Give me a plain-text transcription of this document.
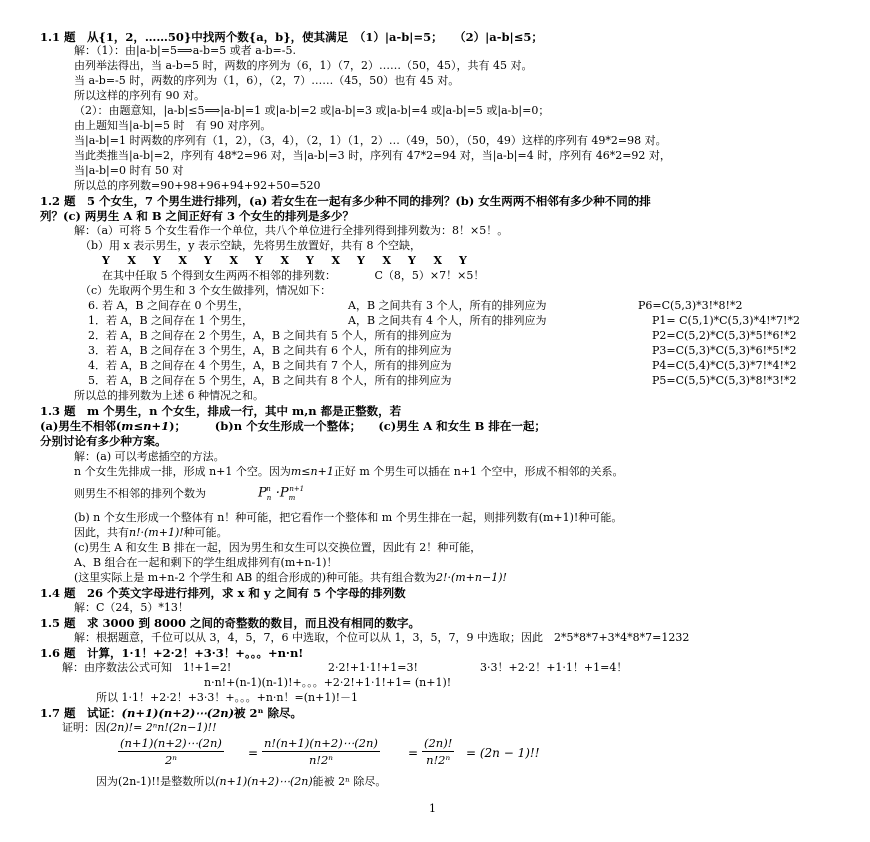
1.1 题　从{1，2，……50}中找两个数{a，b}，使其满足　（1）|a-b|=5；　　（2）|a-b|≤5；
解：（1）：由|a-b|=5⟹a-b=5 或者 a-b=-5.
由列举法得出，当 a-b=5 时，两数的序列为（6，1）（7，2）……（50，45），共有 45 对。
当 a-b=-5 时，两数的序列为（1，6），（2，7）……（45，50）也有 45 对。
所以这样的序列有 90 对。
（2）：由题意知，|a-b|≤5⟹|a-b|=1 或|a-b|=2 或|a-b|=3 或|a-b|=4 或|a-b|=5 或|a-b|=0；
由上题知当|a-b|=5 时　有 90 对序列。
当|a-b|=1 时两数的序列有（1，2），（3，4），（2，1）（1，2）…（49，50），（50，49）这样的序列有 49*2=98 对。
当此类推当|a-b|=2，序列有 48*2=96 对，当|a-b|=3 时，序列有 47*2=94 对，当|a-b|=4 时，序列有 46*2=92 对，
当|a-b|=0 时有 50 对
所以总的序列数=90+98+96+94+92+50=520
1.2 题　5 个女生，7 个男生进行排列，(a) 若女生在一起有多少种不同的排列？(b) 女生两两不相邻有多少种不同的排
列？(c) 两男生 A 和 B 之间正好有 3 个女生的排列是多少？
解：（a）可将 5 个女生看作一个单位，共八个单位进行全排列得到排列数为：8！×5！。
（b）用 x 表示男生，y 表示空缺，先将男生放置好，共有 8 个空缺，
Y X Y X Y X Y X Y X Y X Y X Y
在其中任取 5 个得到女生两两不相邻的排列数：　　　　C（8，5）×7！×5！
（c）先取两个男生和 3 个女生做排列，情况如下：
6. 若 A，B 之间存在 0 个男生，	A，B 之间共有 3 个人，所有的排列应为	P6=C(5,3)*3!*8!*2
1．若 A，B 之间存在 1 个男生，	A，B 之间共有 4 个人，所有的排列应为	P1= C(5,1)*C(5,3)*4!*7!*2
2．若 A，B 之间存在 2 个男生，A，B 之间共有 5 个人，所有的排列应为	P2=C(5,2)*C(5,3)*5!*6!*2
3．若 A，B 之间存在 3 个男生，A，B 之间共有 6 个人，所有的排列应为	P3=C(5,3)*C(5,3)*6!*5!*2
4．若 A，B 之间存在 4 个男生，A，B 之间共有 7 个人，所有的排列应为	P4=C(5,4)*C(5,3)*7!*4!*2
5．若 A，B 之间存在 5 个男生，A，B 之间共有 8 个人，所有的排列应为	P5=C(5,5)*C(5,3)*8!*3!*2
所以总的排列数为上述 6 种情况之和。
1.3 题　m 个男生，n 个女生，排成一行，其中 m,n 都是正整数，若
(a)男生不相邻(m≤n+1)；　　　(b)n 个女生形成一个整体；　　(c)男生 A 和女生 B 排在一起；
分别讨论有多少种方案。
解：(a) 可以考虑插空的方法。
n 个女生先排成一排，形成 n+1 个空。因为m≤n+1正好 m 个男生可以插在 n+1 个空中，形成不相邻的关系。
则男生不相邻的排列个数为	$P_n^n \cdot P_m^{n+1}$
(b) n 个女生形成一个整体有 n！种可能，把它看作一个整体和 m 个男生排在一起，则排列数有(m+1)!种可能。
因此，共有n!·(m+1)!种可能。
(c)男生 A 和女生 B 排在一起，因为男生和女生可以交换位置，因此有 2！种可能，
A、B 组合在一起和剩下的学生组成排列有(m+n-1)！
(这里实际上是 m+n-2 个学生和 AB 的组合形成的)种可能。共有组合数为2!·(m+n−1)!
1.4 题　26 个英文字母进行排列，求 x 和 y 之间有 5 个字母的排列数
解：C（24，5）*13！
1.5 题　求 3000 到 8000 之间的奇整数的数目，而且没有相同的数字。
解：根据题意，千位可以从 3，4，5，7，6 中选取，个位可以从 1，3，5，7，9 中选取；因此　2*5*8*7+3*4*8*7=1232
1.6 题　计算，1·1！+2·2！+3·3！+。。。+n·n!
解：由序数法公式可知　1!+1=2!	2·2!+1·1!+1=3!	3·3！+2·2！+1·1！+1=4！
n·n!+(n-1)(n-1)!+。。。+2·2!+1·1!+1= (n+1)!
所以 1·1！+2·2！+3·3！+。。。+n·n！=(n+1)!－1
1.7 题　试证：(n+1)(n+2)⋯(2n)被 2ⁿ 除尽。
证明：因(2n)!= 2ⁿn!(2n−1)!!
(n+1)(n+2)⋯(2n)
2ⁿ	=
n!(n+1)(n+2)⋯(2n)
n!2ⁿ	=
(2n)!
n!2ⁿ	= (2n − 1)!!
因为(2n-1)!!是整数所以(n+1)(n+2)⋯(2n)能被 2ⁿ 除尽。
1
